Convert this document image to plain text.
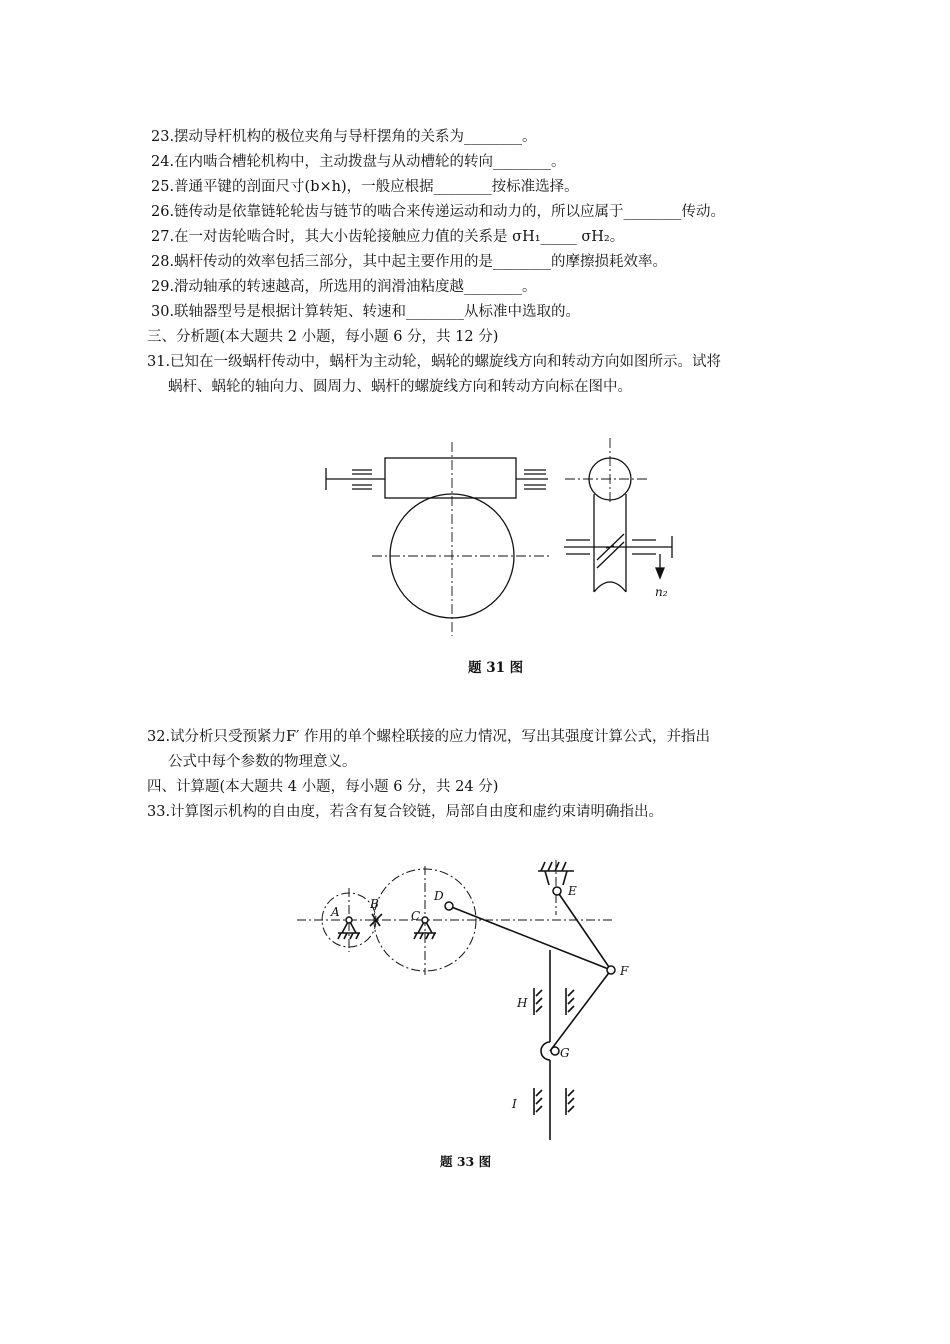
23.摆动导杆机构的极位夹角与导杆摆角的关系为________。
24.在内啮合槽轮机构中，主动拨盘与从动槽轮的转向________。
25.普通平键的剖面尺寸(b×h)，一般应根据________按标准选择。
26.链传动是依靠链轮轮齿与链节的啮合来传递运动和动力的，所以应属于________传动。
27.在一对齿轮啮合时，其大小齿轮接触应力值的关系是 σH₁_____ σH₂。
28.蜗杆传动的效率包括三部分，其中起主要作用的是________的摩擦损耗效率。
29.滑动轴承的转速越高，所选用的润滑油粘度越________。
30.联轴器型号是根据计算转矩、转速和________从标准中选取的。
三、分析题(本大题共 2 小题，每小题 6 分，共 12 分)
31.已知在一级蜗杆传动中，蜗杆为主动轮，蜗轮的螺旋线方向和转动方向如图所示。试将
蜗杆、蜗轮的轴向力、圆周力、蜗杆的螺旋线方向和转动方向标在图中。
n₂
题 31 图
32.试分析只受预紧力F′ 作用的单个螺栓联接的应力情况，写出其强度计算公式，并指出
公式中每个参数的物理意义。
四、计算题(本大题共 4 小题，每小题 6 分，共 24 分)
33.计算图示机构的自由度，若含有复合铰链，局部自由度和虚约束请明确指出。
A
B
C
D	E
F
G
H
I
题 33 图
